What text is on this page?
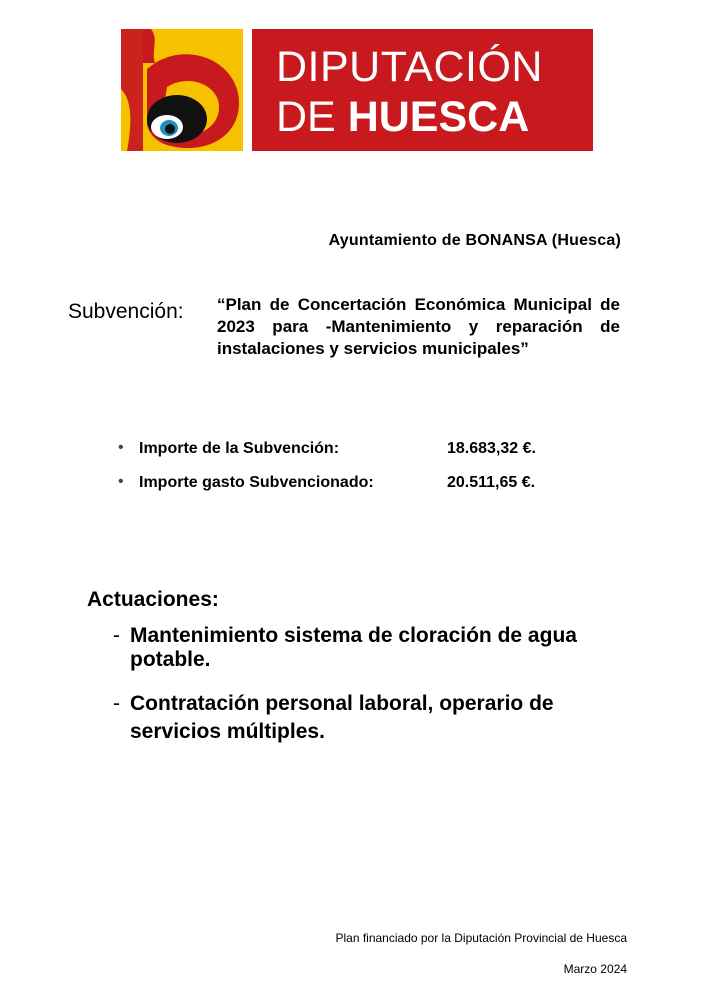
DIPUTACIÓN
DE HUESCA
Ayuntamiento de BONANSA (Huesca)
Subvención: “Plan de Concertación Económica Municipal de 2023 para -Mantenimiento y reparación de instalaciones y servicios municipales”
• Importe de la Subvención:	18.683,32 €.
• Importe gasto Subvencionado:	20.511,65 €.
Actuaciones:
- Mantenimiento sistema de cloración de agua potable.
- Contratación personal laboral, operario de servicios múltiples.
Plan financiado por la Diputación Provincial de Huesca
Marzo 2024
